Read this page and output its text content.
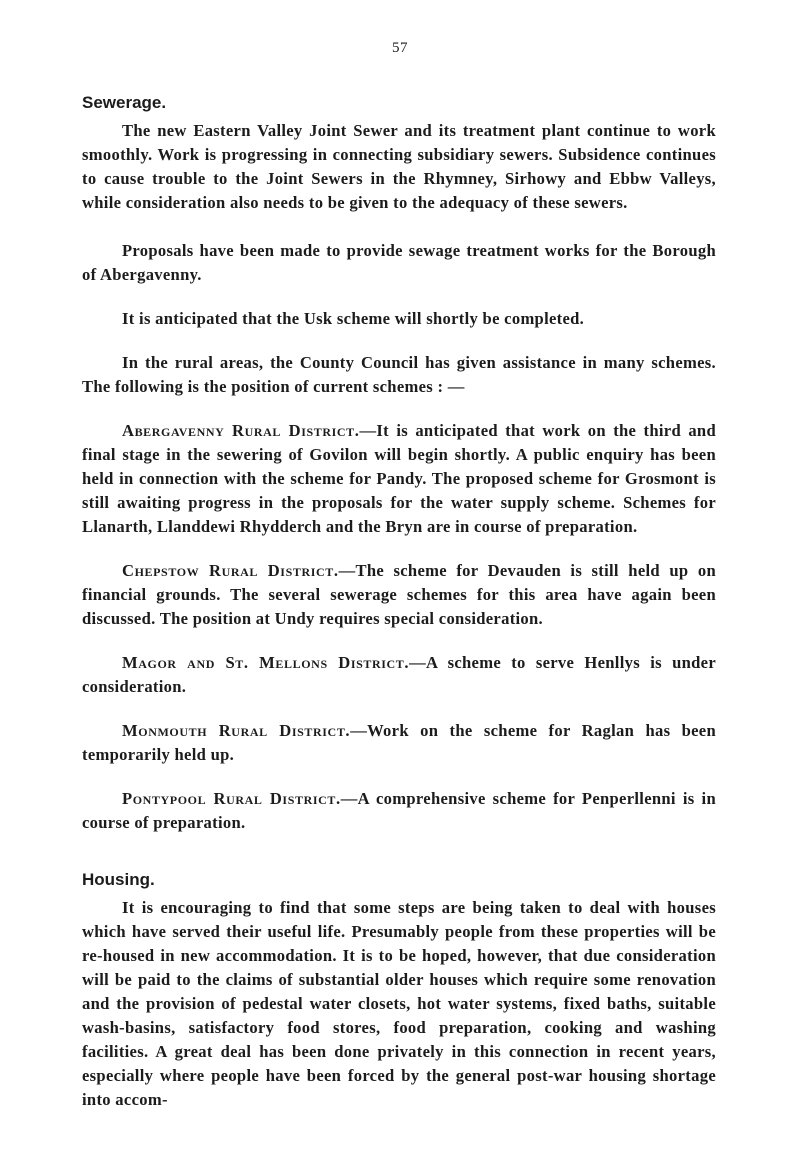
57
Sewerage.

The new Eastern Valley Joint Sewer and its treatment plant continue to work smoothly. Work is progressing in connecting subsidiary sewers. Subsidence continues to cause trouble to the Joint Sewers in the Rhymney, Sirhowy and Ebbw Valleys, while consideration also needs to be given to the adequacy of these sewers.

Proposals have been made to provide sewage treatment works for the Borough of Abergavenny.

It is anticipated that the Usk scheme will shortly be completed.

In the rural areas, the County Council has given assistance in many schemes. The following is the position of current schemes : —

Abergavenny Rural District.—It is anticipated that work on the third and final stage in the sewering of Govilon will begin shortly. A public enquiry has been held in connection with the scheme for Pandy. The proposed scheme for Grosmont is still awaiting progress in the proposals for the water supply scheme. Schemes for Llanarth, Llanddewi Rhydderch and the Bryn are in course of preparation.

Chepstow Rural District.—The scheme for Devauden is still held up on financial grounds. The several sewerage schemes for this area have again been discussed. The position at Undy requires special consideration.

Magor and St. Mellons District.—A scheme to serve Henllys is under consideration.

Monmouth Rural District.—Work on the scheme for Raglan has been temporarily held up.

Pontypool Rural District.—A comprehensive scheme for Penperllenni is in course of preparation.

Housing.

It is encouraging to find that some steps are being taken to deal with houses which have served their useful life. Presumably people from these properties will be re-housed in new accommodation. It is to be hoped, however, that due consideration will be paid to the claims of substantial older houses which require some renovation and the provision of pedestal water closets, hot water systems, fixed baths, suitable wash-basins, satisfactory food stores, food preparation, cooking and washing facilities. A great deal has been done privately in this connection in recent years, especially where people have been forced by the general post-war housing shortage into accom-
